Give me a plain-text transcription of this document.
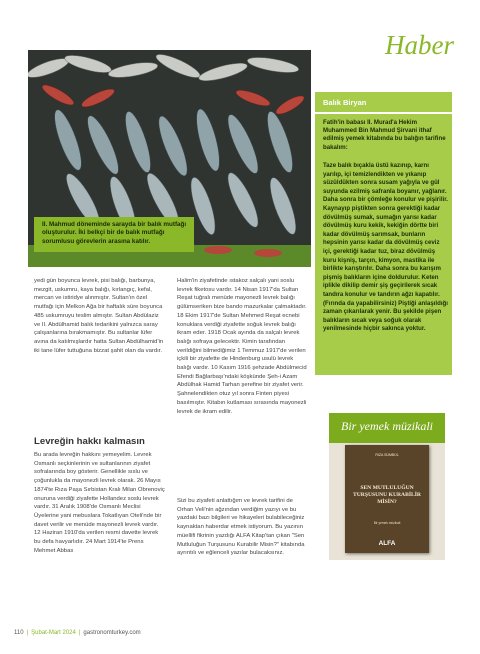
Haber
II. Mahmud döneminde sarayda bir balık mutfağı oluşturulur. İki belkçi bir de balık mutfağı sorumlusu görevlerin arasına katılır.
Balık Biryan
Fatih'in babası II. Murad'a Hekim Muhammed Bin Mahmud Şirvani ithaf edilmiş yemek kitabında bu balığın tarifine bakalım:
Taze balık bıçakla üstü kazınıp, karnı yarılıp, içi temizlendikten ve yıkanıp süzüldükten sonra susam yağıyla ve gül suyunda ezilmiş safranla boyanır, yağlanır. Daha sonra bir çömleğe konulur ve pişirilir. Kaynayıp piştikten sonra gerektiği kadar dövülmüş sumak, sumağın yarısı kadar dövülmüş kuru kekik, kekiğin dörtte biri kadar dövülmüş sarımsak, bunların hepsinin yarısı kadar da dövülmüş ceviz içi, gerektiği kadar tuz, biraz dövülmüş kuru kişniş, tarçın, kimyon, mastika ile birlikte karıştırılır. Daha sonra bu karışım pişmiş balıkların içine doldurulur. Keten iplikle dikilip demir şiş geçirilerek sıcak tandıra konulur ve tandırın ağzı kapatılır. (Fırında da yapabilirsiniz) Piştiği anlaşıldığı zaman çıkarılarak yenir. Bu şekilde pişen balıkların sıcak veya soğuk olarak yenilmesinde hiçbir sakınca yoktur.
yedi gün boyunca levrek, pisi balığı, barbunya, mezgit, uskumru, kaya balığı, kırlangıç, kefal, mercan ve istiridye alınmıştır. Sultan'ın özel mutfağı için Melkon Ağa bir haftalık süre boyunca 485 uskumruyu teslim almıştır. Sultan Abdülaziz ve II. Abdülhamid balık tedarikini yalnızca saray çalışanlarına bırakmamıştır. Bu sultanlar lüfer avına da katılmışlardır hatta Sultan Abdülhamid'in iki tane lüfer tuttuğuna bizzat şahit olan da vardır.
Levreğin hakkı kalmasın
Bu arada levreğin hakkını yemeyelim. Levrek Osmanlı seçkinlerinin ve sultanlarının ziyafet sofralarında boy gösterir. Genellikle sıslu ve çoğunlukla da mayonezli levrek olarak. 26 Mayıs 1874'te Rıza Paşa Sırbistan Kralı Milan Obrenoviç onuruna verdiği ziyafette Hollandez soslu levrek vardır. 31 Aralık 1908'de Osmanlı Meclisi Üyelerine yani mebuslara Tokatlıyan Oteli'nde bir davet verilir ve menüde mayonezli levrek vardır. 12 Haziran 1910'da verilen resmi davette levrek bu defa havyarlıdır. 24 Mart 1914'te Prens Mehmet Abbas
Halim'in ziyafetinde ıstakoz salçalı yani soslu levrek fiketosu vardır. 14 Nisan 1917'da Sultan Reşat tuğralı menüde mayonezli levrek balığı gülümseriken bize bando mazurkalar çalmaktadır. 18 Ekim 1917'de Sultan Mehmed Reşat ecnebi konuklara verdiği ziyafette soğuk levrek balığı ikram eder. 1918 Ocak ayında da salçalı levrek balığı sofraya gelecektir. Kimin tarafından verildiğini bilmediğimiz 1 Temmuz 1917'de verilen içkili bir ziyafette de Hindenburg usulü levrek balığı vardır. 10 Kasım 1916 şehzade Abdülmecid Efendi Bağlarbaşı'ndaki köşkünde Şeh-i Azam Abdülhak Hamid Tarhan şerefine bir ziyafet verir. Şahnelendikten otuz yıl sonra Finten piyesi basılmıştır. Kitabın kutlaması sırasında mayonezli levrek de ikram edilir.
Sizi bu ziyafeti anlattığım ve levrek tarifini de Orhan Veli'nin ağzından verdiğim yazıyı ve bu yazdaki bazı bilgileri ve hikayeleri bulabileceğiniz kaynaktan haberdar etmek istiyorum. Bu yazının müellifi fikrinin yazdığı ALFA Kitap'tan çıkan "Sen Mutluluğun Turşusunu Kurabilir Misin?" kitabında ayrıntılı ve eğlenceli yazılar bulacaksınız.
Bir yemek müzikali
RIZA SÜMBÜL
SEN MUTLULUĞUN TURŞUSUNU KURABİLİR MİSİN?
Bir yemek müzikali
ALFA
110 | Şubat-Mart 2024 | gastronomturkey.com
